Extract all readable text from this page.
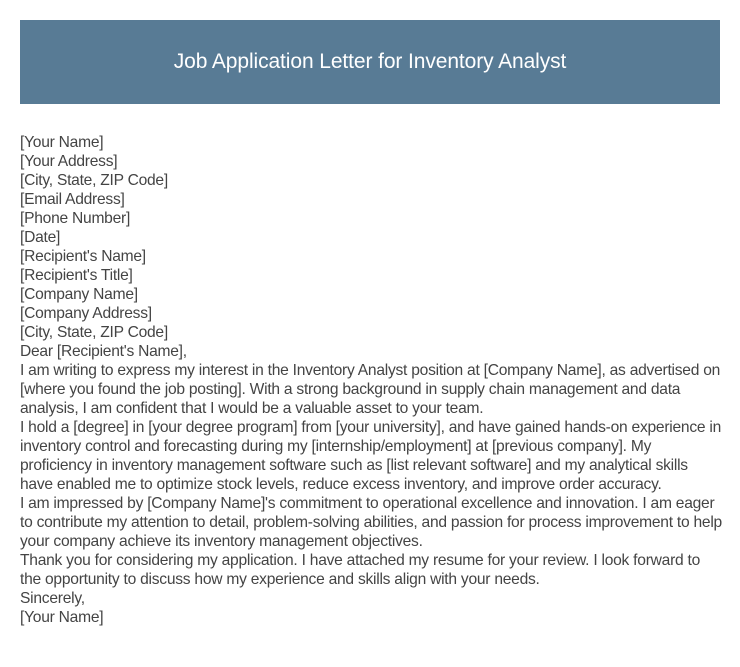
Job Application Letter for Inventory Analyst
[Your Name]
[Your Address]
[City, State, ZIP Code]
[Email Address]
[Phone Number]
[Date]
[Recipient's Name]
[Recipient's Title]
[Company Name]
[Company Address]
[City, State, ZIP Code]
Dear [Recipient's Name],

I am writing to express my interest in the Inventory Analyst position at [Company Name], as advertised on [where you found the job posting]. With a strong background in supply chain management and data analysis, I am confident that I would be a valuable asset to your team.

I hold a [degree] in [your degree program] from [your university], and have gained hands-on experience in inventory control and forecasting during my [internship/employment] at [previous company]. My proficiency in inventory management software such as [list relevant software] and my analytical skills have enabled me to optimize stock levels, reduce excess inventory, and improve order accuracy.

I am impressed by [Company Name]'s commitment to operational excellence and innovation. I am eager to contribute my attention to detail, problem-solving abilities, and passion for process improvement to help your company achieve its inventory management objectives.

Thank you for considering my application. I have attached my resume for your review. I look forward to the opportunity to discuss how my experience and skills align with your needs.

Sincerely,
[Your Name]
